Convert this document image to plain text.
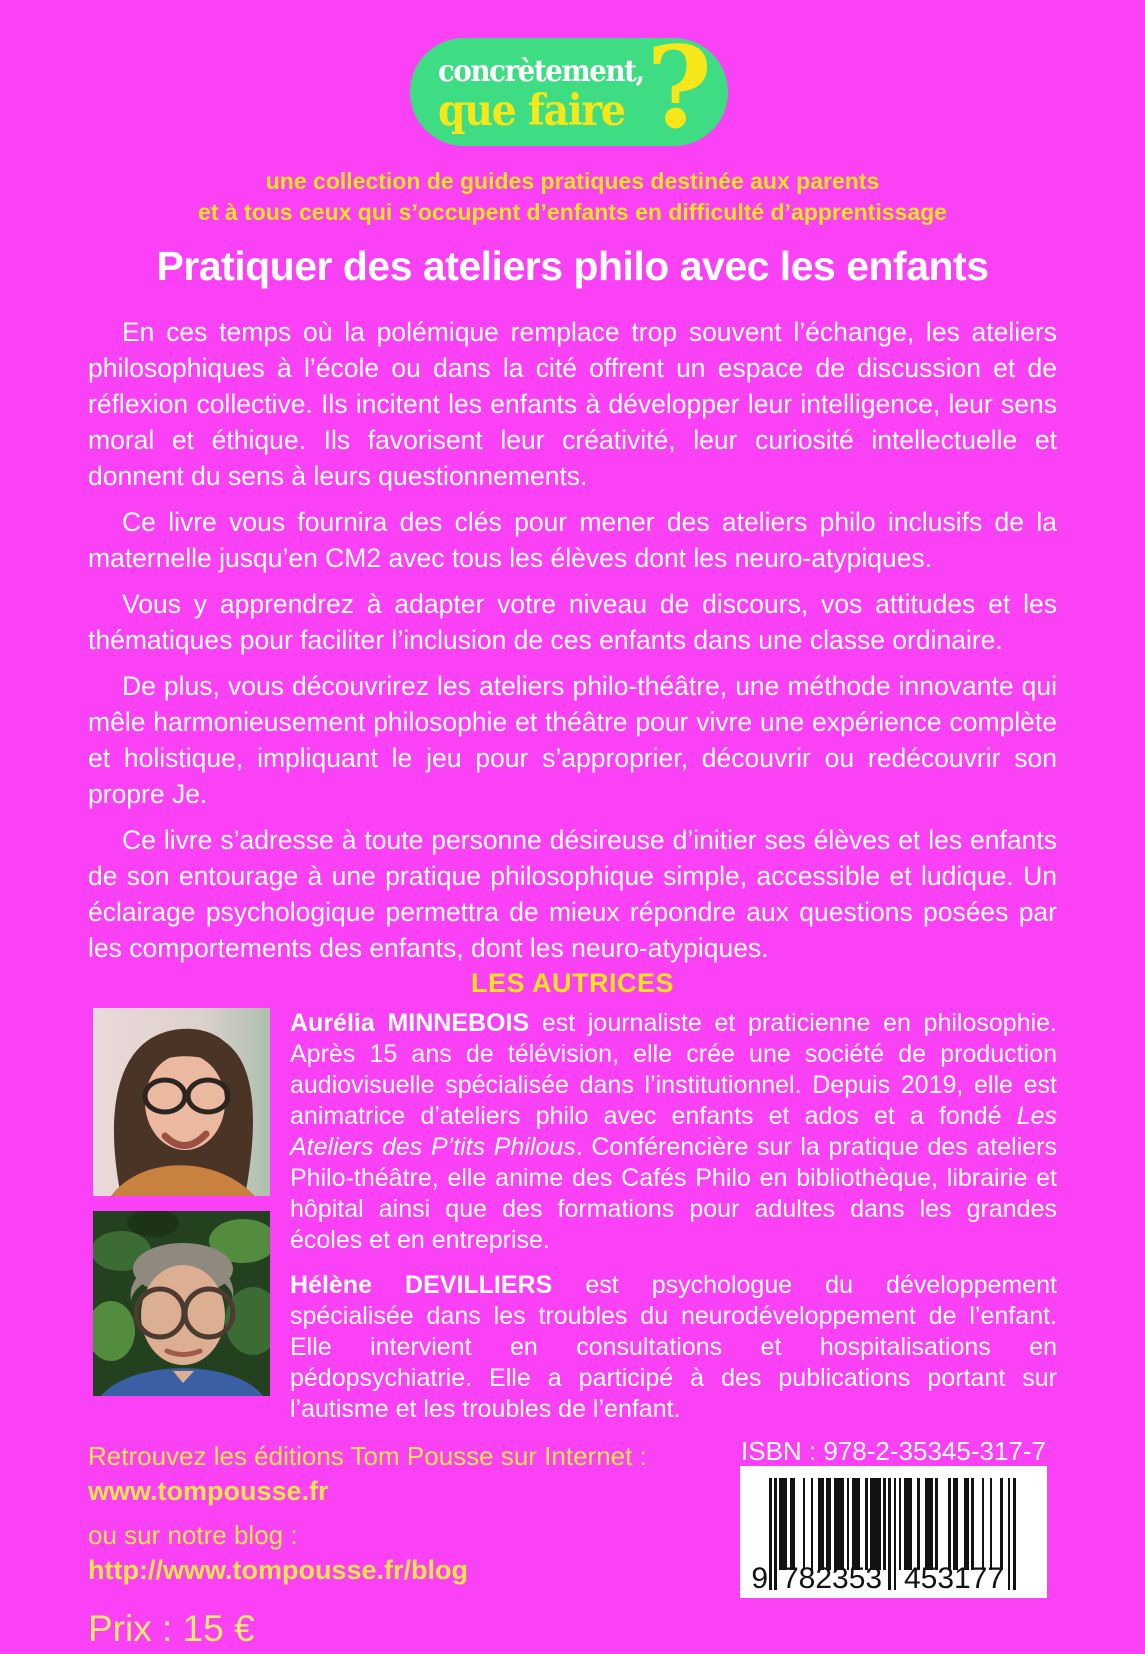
concrètement,
que faire ?
une collection de guides pratiques destinée aux parents
et à tous ceux qui s’occupent d’enfants en difficulté d’apprentissage
Pratiquer des ateliers philo avec les enfants

En ces temps où la polémique remplace trop souvent l’échange, les ateliers philosophiques à l’école ou dans la cité offrent un espace de discussion et de réflexion collective. Ils incitent les enfants à développer leur intelligence, leur sens moral et éthique. Ils favorisent leur créativité, leur curiosité intellectuelle et donnent du sens à leurs questionnements.

Ce livre vous fournira des clés pour mener des ateliers philo inclusifs de la maternelle jusqu’en CM2 avec tous les élèves dont les neuro-atypiques.

Vous y apprendrez à adapter votre niveau de discours, vos attitudes et les thématiques pour faciliter l’inclusion de ces enfants dans une classe ordinaire.

De plus, vous découvrirez les ateliers philo-théâtre, une méthode innovante qui mêle harmonieusement philosophie et théâtre pour vivre une expérience complète et holistique, impliquant le jeu pour s’approprier, découvrir ou redécouvrir son propre Je.

Ce livre s’adresse à toute personne désireuse d’initier ses élèves et les enfants de son entourage à une pratique philosophique simple, accessible et ludique. Un éclairage psychologique permettra de mieux répondre aux questions posées par les comportements des enfants, dont les neuro-atypiques.

LES AUTRICES

Aurélia MINNEBOIS est journaliste et praticienne en philosophie. Après 15 ans de télévision, elle crée une société de production audiovisuelle spécialisée dans l’institutionnel. Depuis 2019, elle est animatrice d’ateliers philo avec enfants et ados et a fondé Les Ateliers des P’tits Philous. Conférencière sur la pratique des ateliers Philo-théâtre, elle anime des Cafés Philo en bibliothèque, librairie et hôpital ainsi que des formations pour adultes dans les grandes écoles et en entreprise.

Hélène DEVILLIERS est psychologue du développement spécialisée dans les troubles du neurodéveloppement de l’enfant. Elle intervient en consultations et hospitalisations en pédopsychiatrie. Elle a participé à des publications portant sur l’autisme et les troubles de l’enfant.

Retrouvez les éditions Tom Pousse sur Internet :
www.tompousse.fr
ou sur notre blog :
http://www.tompousse.fr/blog
Prix : 15 €
ISBN : 978-2-35345-317-7
9 782353 453177
